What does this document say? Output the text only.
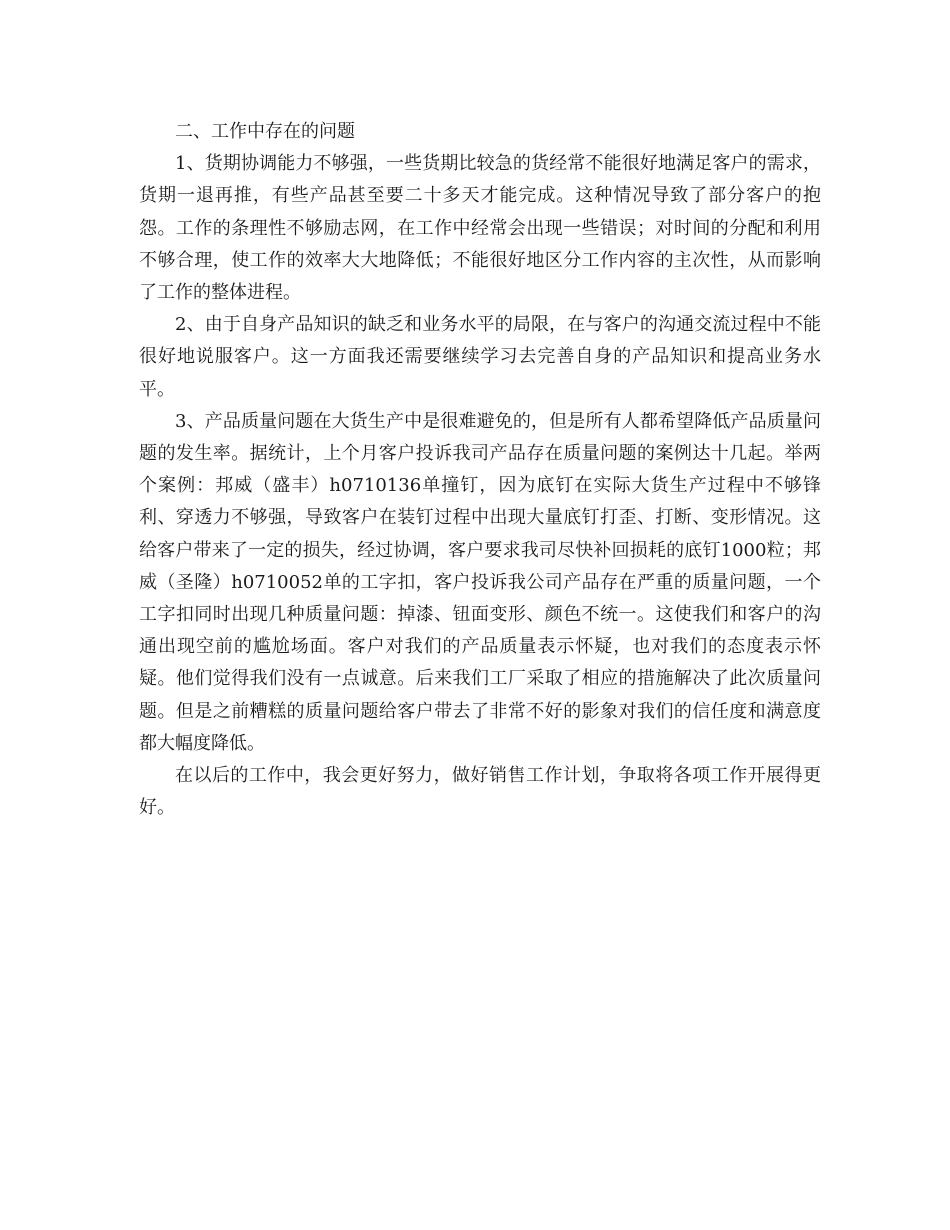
二、工作中存在的问题

1、货期协调能力不够强，一些货期比较急的货经常不能很好地满足客户的需求，货期一退再推，有些产品甚至要二十多天才能完成。这种情况导致了部分客户的抱怨。工作的条理性不够励志网，在工作中经常会出现一些错误；对时间的分配和利用不够合理，使工作的效率大大地降低；不能很好地区分工作内容的主次性，从而影响了工作的整体进程。

2、由于自身产品知识的缺乏和业务水平的局限，在与客户的沟通交流过程中不能很好地说服客户。这一方面我还需要继续学习去完善自身的产品知识和提高业务水平。

3、产品质量问题在大货生产中是很难避免的，但是所有人都希望降低产品质量问题的发生率。据统计，上个月客户投诉我司产品存在质量问题的案例达十几起。举两个案例：邦威（盛丰）h0710136单撞钉，因为底钉在实际大货生产过程中不够锋利、穿透力不够强，导致客户在装钉过程中出现大量底钉打歪、打断、变形情况。这给客户带来了一定的损失，经过协调，客户要求我司尽快补回损耗的底钉1000粒；邦威（圣隆）h0710052单的工字扣，客户投诉我公司产品存在严重的质量问题，一个工字扣同时出现几种质量问题：掉漆、钮面变形、颜色不统一。这使我们和客户的沟通出现空前的尴尬场面。客户对我们的产品质量表示怀疑，也对我们的态度表示怀疑。他们觉得我们没有一点诚意。后来我们工厂采取了相应的措施解决了此次质量问题。但是之前糟糕的质量问题给客户带去了非常不好的影象对我们的信任度和满意度都大幅度降低。

在以后的工作中，我会更好努力，做好销售工作计划，争取将各项工作开展得更好。
